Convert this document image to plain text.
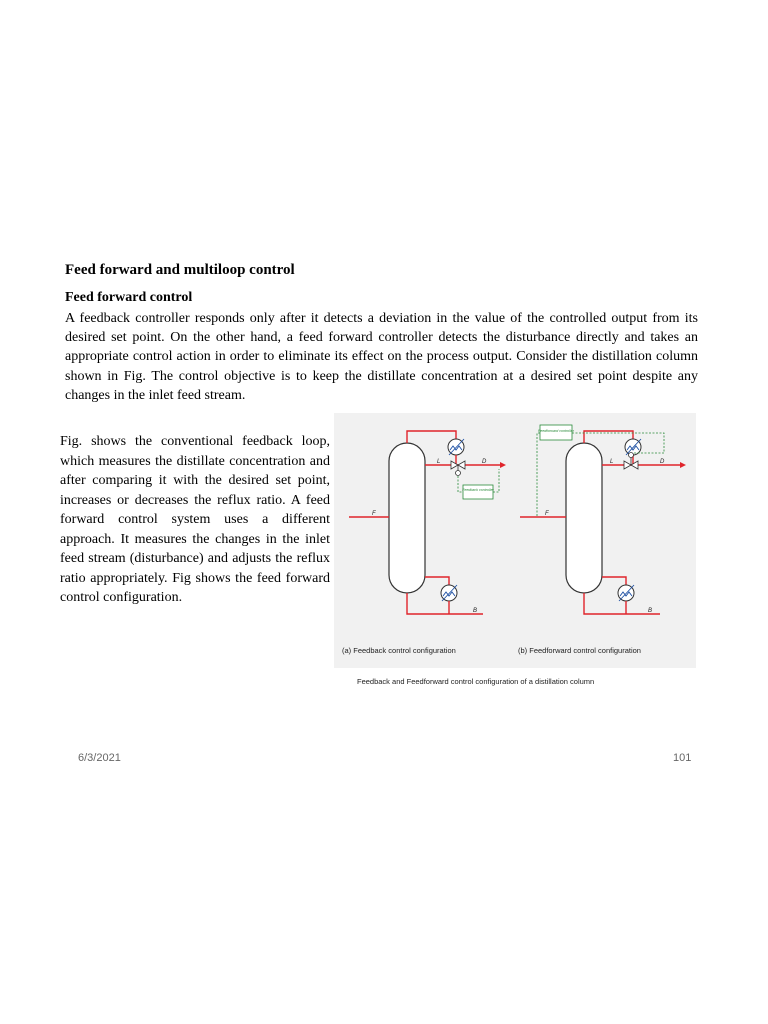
Feed forward and multiloop control
Feed forward control

A feedback controller responds only after it detects a deviation in the value of the controlled output from its desired set point. On the other hand, a feed forward controller detects the disturbance directly and takes an appropriate control action in order to eliminate its effect on the process output. Consider the distillation column shown in Fig. The control objective is to keep the distillate concentration at a desired set point despite any changes in the inlet feed stream.

Fig. shows the conventional feedback loop, which measures the distillate concentration and after comparing it with the desired set point, increases or decreases the reflux ratio. A feed forward control system uses a different approach. It measures the changes in the inlet feed stream (disturbance) and adjusts the reflux ratio appropriately. Fig shows the feed forward control configuration.

Feedback controller
L	D
F
B
Feedforward controller
L	D
F
B
(a) Feedback control configuration	(b) Feedforward control configuration
Feedback and Feedforward control configuration of a distillation column
6/3/2021	101
